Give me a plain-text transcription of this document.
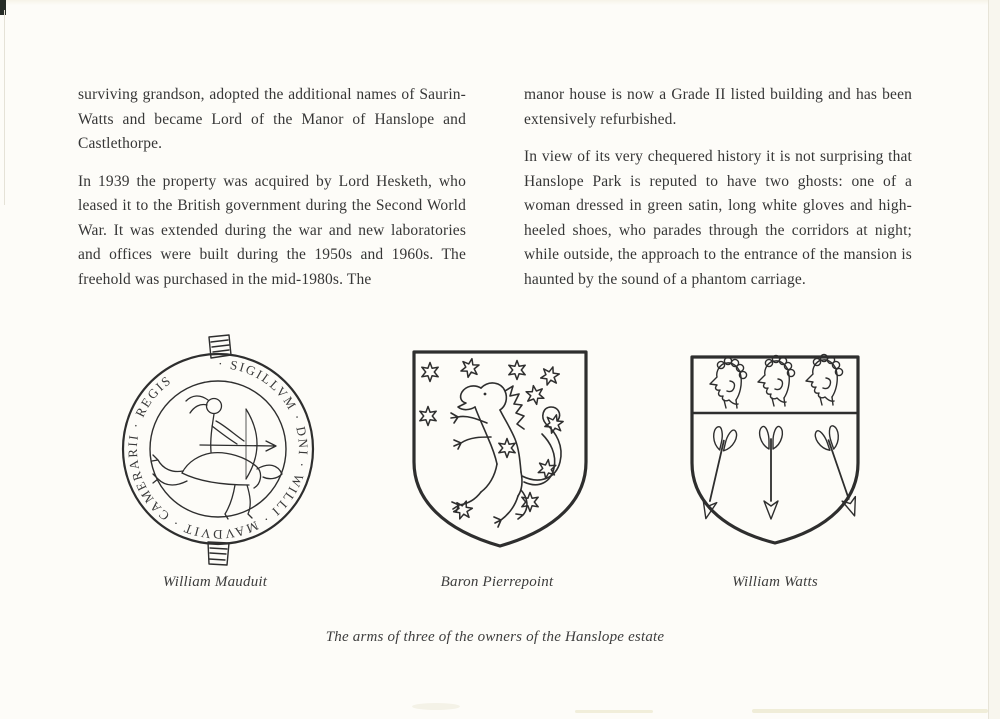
surviving grandson, adopted the additional names of Saurin-Watts and became Lord of the Manor of Hanslope and Castlethorpe.

In 1939 the property was acquired by Lord Hesketh, who leased it to the British government during the Second World War. It was extended during the war and new laboratories and offices were built during the 1950s and 1960s. The freehold was purchased in the mid-1980s. The

manor house is now a Grade II listed building and has been extensively refurbished.

In view of its very chequered history it is not surprising that Hanslope Park is reputed to have two ghosts: one of a woman dressed in green satin, long white gloves and high-heeled shoes, who parades through the corridors at night; while outside, the approach to the entrance of the mansion is haunted by the sound of a phantom carriage.

· SIGILLVM · DNI · WILLI · MAVDVIT · CAMERARII · REGIS
William Mauduit	Baron Pierrepoint	William Watts
The arms of three of the owners of the Hanslope estate
